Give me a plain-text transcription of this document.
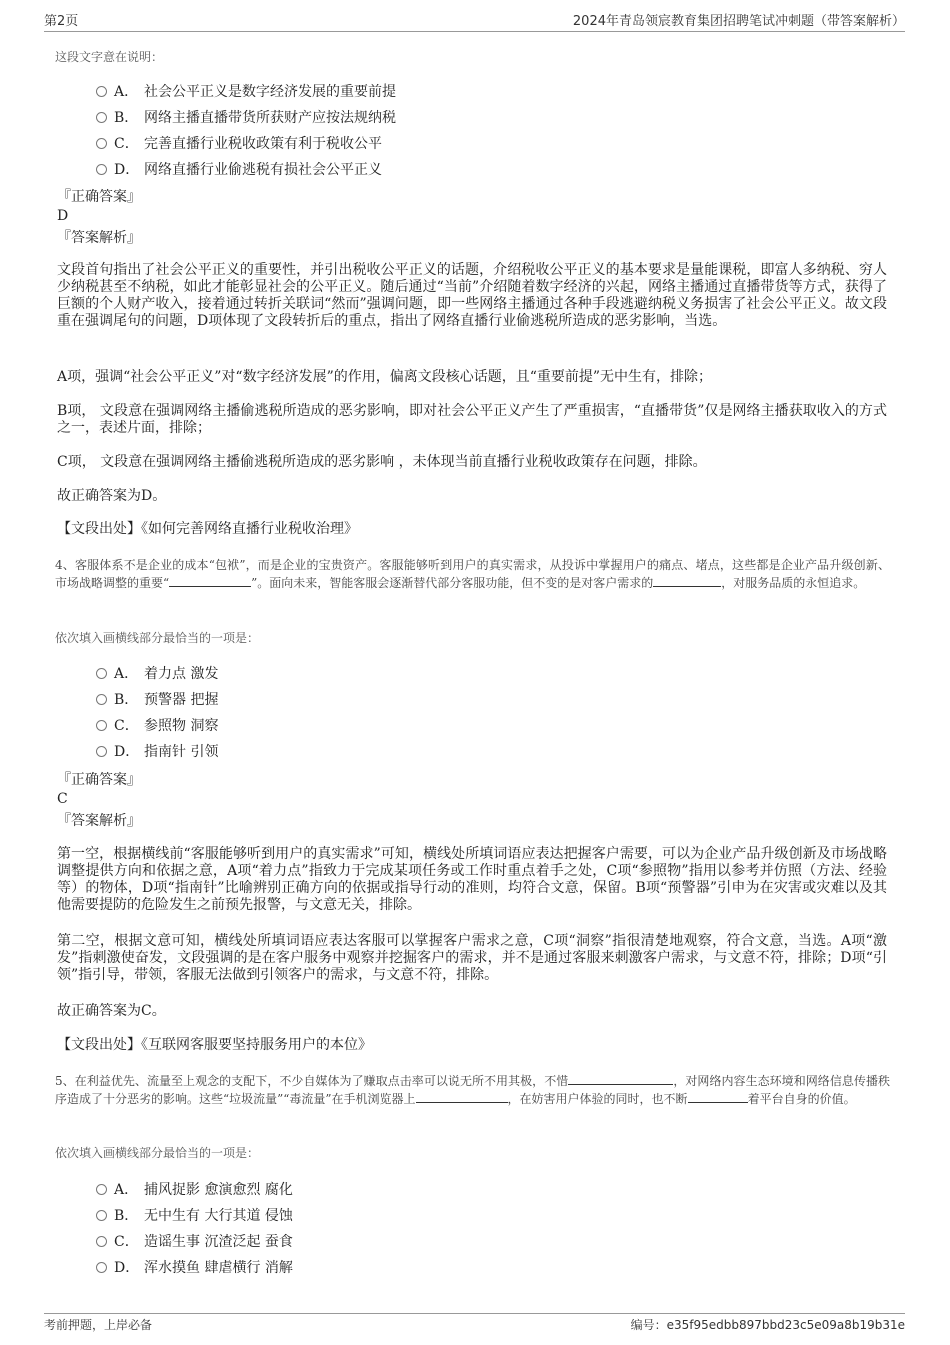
第2页	2024年青岛领宸教育集团招聘笔试冲刺题（带答案解析）
这段文字意在说明：
A． 社会公平正义是数字经济发展的重要前提
B． 网络主播直播带货所获财产应按法规纳税
C． 完善直播行业税收政策有利于税收公平
D． 网络直播行业偷逃税有损社会公平正义
『正确答案』
D
『答案解析』
文段首句指出了社会公平正义的重要性，并引出税收公平正义的话题，介绍税收公平正义的基本要求是量能课税，即富人多纳税、穷人少纳税甚至不纳税，如此才能彰显社会的公平正义。随后通过“当前”介绍随着数字经济的兴起，网络主播通过直播带货等方式，获得了巨额的个人财产收入，接着通过转折关联词“然而”强调问题，即一些网络主播通过各种手段逃避纳税义务损害了社会公平正义。故文段重在强调尾句的问题，D项体现了文段转折后的重点，指出了网络直播行业偷逃税所造成的恶劣影响，当选。
A项，强调“社会公平正义”对“数字经济发展”的作用，偏离文段核心话题，且“重要前提”无中生有，排除；
B项， 文段意在强调网络主播偷逃税所造成的恶劣影响，即对社会公平正义产生了严重损害，“直播带货”仅是网络主播获取收入的方式之一，表述片面，排除；
C项， 文段意在强调网络主播偷逃税所造成的恶劣影响 ，未体现当前直播行业税收政策存在问题，排除。
故正确答案为D。
【文段出处】《如何完善网络直播行业税收治理》
4、客服体系不是企业的成本“包袱”，而是企业的宝贵资产。客服能够听到用户的真实需求，从投诉中掌握用户的痛点、堵点，这些都是企业产品升级创新、市场战略调整的重要“	”。面向未来，智能客服会逐渐替代部分客服功能，但不变的是对客户需求的	，对服务品质的永恒追求。
依次填入画横线部分最恰当的一项是：
A． 着力点 激发
B． 预警器 把握
C． 参照物 洞察
D． 指南针 引领
『正确答案』
C
『答案解析』
第一空，根据横线前“客服能够听到用户的真实需求”可知，横线处所填词语应表达把握客户需要，可以为企业产品升级创新及市场战略调整提供方向和依据之意，A项“着力点”指致力于完成某项任务或工作时重点着手之处，C项“参照物”指用以参考并仿照（方法、经验等）的物体，D项“指南针”比喻辨别正确方向的依据或指导行动的准则，均符合文意，保留。B项“预警器”引申为在灾害或灾难以及其他需要提防的危险发生之前预先报警，与文意无关，排除。
第二空，根据文意可知，横线处所填词语应表达客服可以掌握客户需求之意，C项“洞察”指很清楚地观察，符合文意，当选。A项“激发”指刺激使奋发，文段强调的是在客户服务中观察并挖掘客户的需求，并不是通过客服来刺激客户需求，与文意不符，排除；D项“引领”指引导，带领，客服无法做到引领客户的需求，与文意不符，排除。
故正确答案为C。
【文段出处】《互联网客服要坚持服务用户的本位》
5、在利益优先、流量至上观念的支配下，不少自媒体为了赚取点击率可以说无所不用其极，不惜	，对网络内容生态环境和网络信息传播秩序造成了十分恶劣的影响。这些“垃圾流量”“毒流量”在手机浏览器上	，在妨害用户体验的同时，也不断	着平台自身的价值。
依次填入画横线部分最恰当的一项是：
A． 捕风捉影 愈演愈烈 腐化
B． 无中生有 大行其道 侵蚀
C． 造谣生事 沉渣泛起 蚕食
D． 浑水摸鱼 肆虐横行 消解
考前押题，上岸必备	编号：e35f95edbb897bbd23c5e09a8b19b31e
